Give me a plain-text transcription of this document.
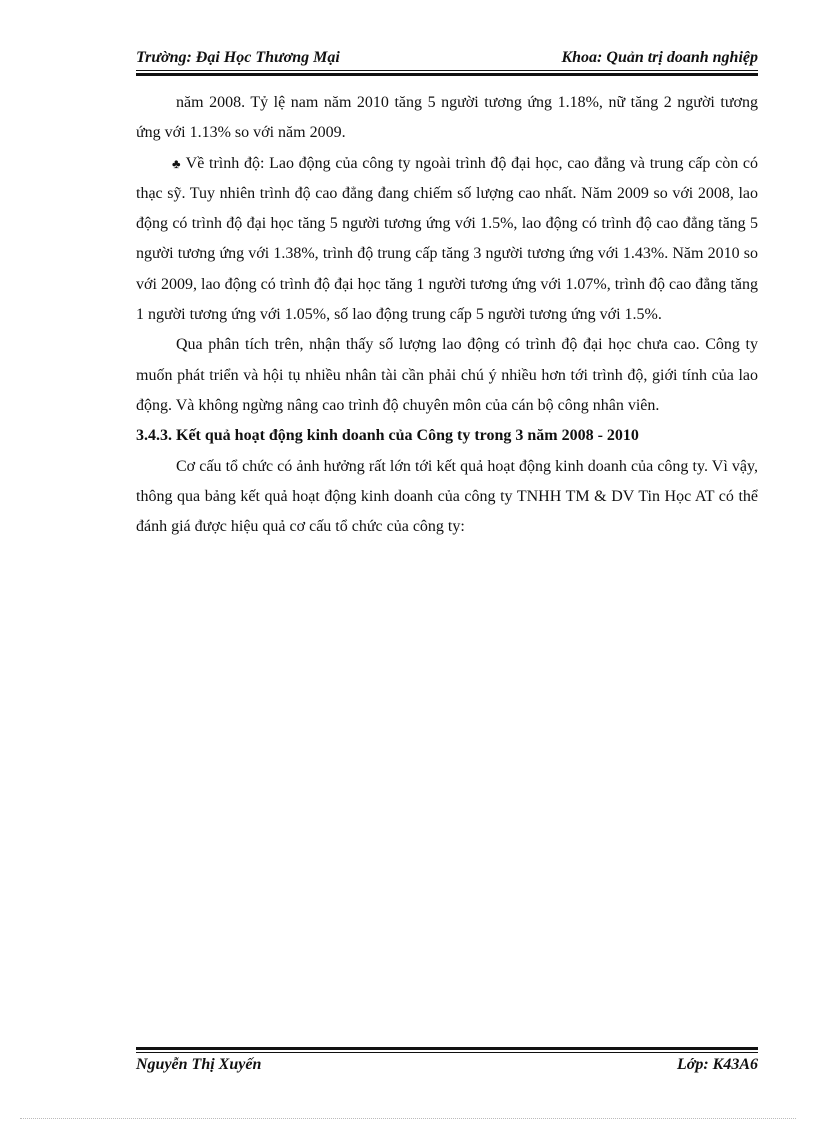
Trường: Đại Học Thương Mại	Khoa: Quản trị doanh nghiệp

năm 2008. Tỷ lệ nam năm 2010 tăng 5 người tương ứng 1.18%, nữ tăng 2 người tương ứng với 1.13% so với năm 2009.

♣ Về trình độ: Lao động của công ty ngoài trình độ đại học, cao đẳng và trung cấp còn có thạc sỹ. Tuy nhiên trình độ cao đẳng đang chiếm số lượng cao nhất. Năm 2009 so với 2008, lao động có trình độ đại học tăng 5 người tương ứng với 1.5%, lao động có trình độ cao đẳng tăng 5 người tương ứng với 1.38%, trình độ trung cấp tăng 3 người tương ứng với 1.43%. Năm 2010 so với 2009, lao động có trình độ đại học tăng 1 người tương ứng với 1.07%, trình độ cao đẳng tăng 1 người tương ứng với 1.05%, số lao động trung cấp 5 người tương ứng với 1.5%.

Qua phân tích trên, nhận thấy số lượng lao động có trình độ đại học chưa cao. Công ty muốn phát triển và hội tụ nhiều nhân tài cần phải chú ý nhiều hơn tới trình độ, giới tính của lao động. Và không ngừng nâng cao trình độ chuyên môn của cán bộ công nhân viên.

3.4.3. Kết quả hoạt động kinh doanh của Công ty trong 3 năm 2008 - 2010

Cơ cấu tổ chức có ảnh hưởng rất lớn tới kết quả hoạt động kinh doanh của công ty. Vì vậy, thông qua bảng kết quả hoạt động kinh doanh của công ty TNHH TM & DV Tin Học AT có thể đánh giá được hiệu quả cơ cấu tổ chức của công ty:

Nguyễn Thị Xuyến	Lớp: K43A6
